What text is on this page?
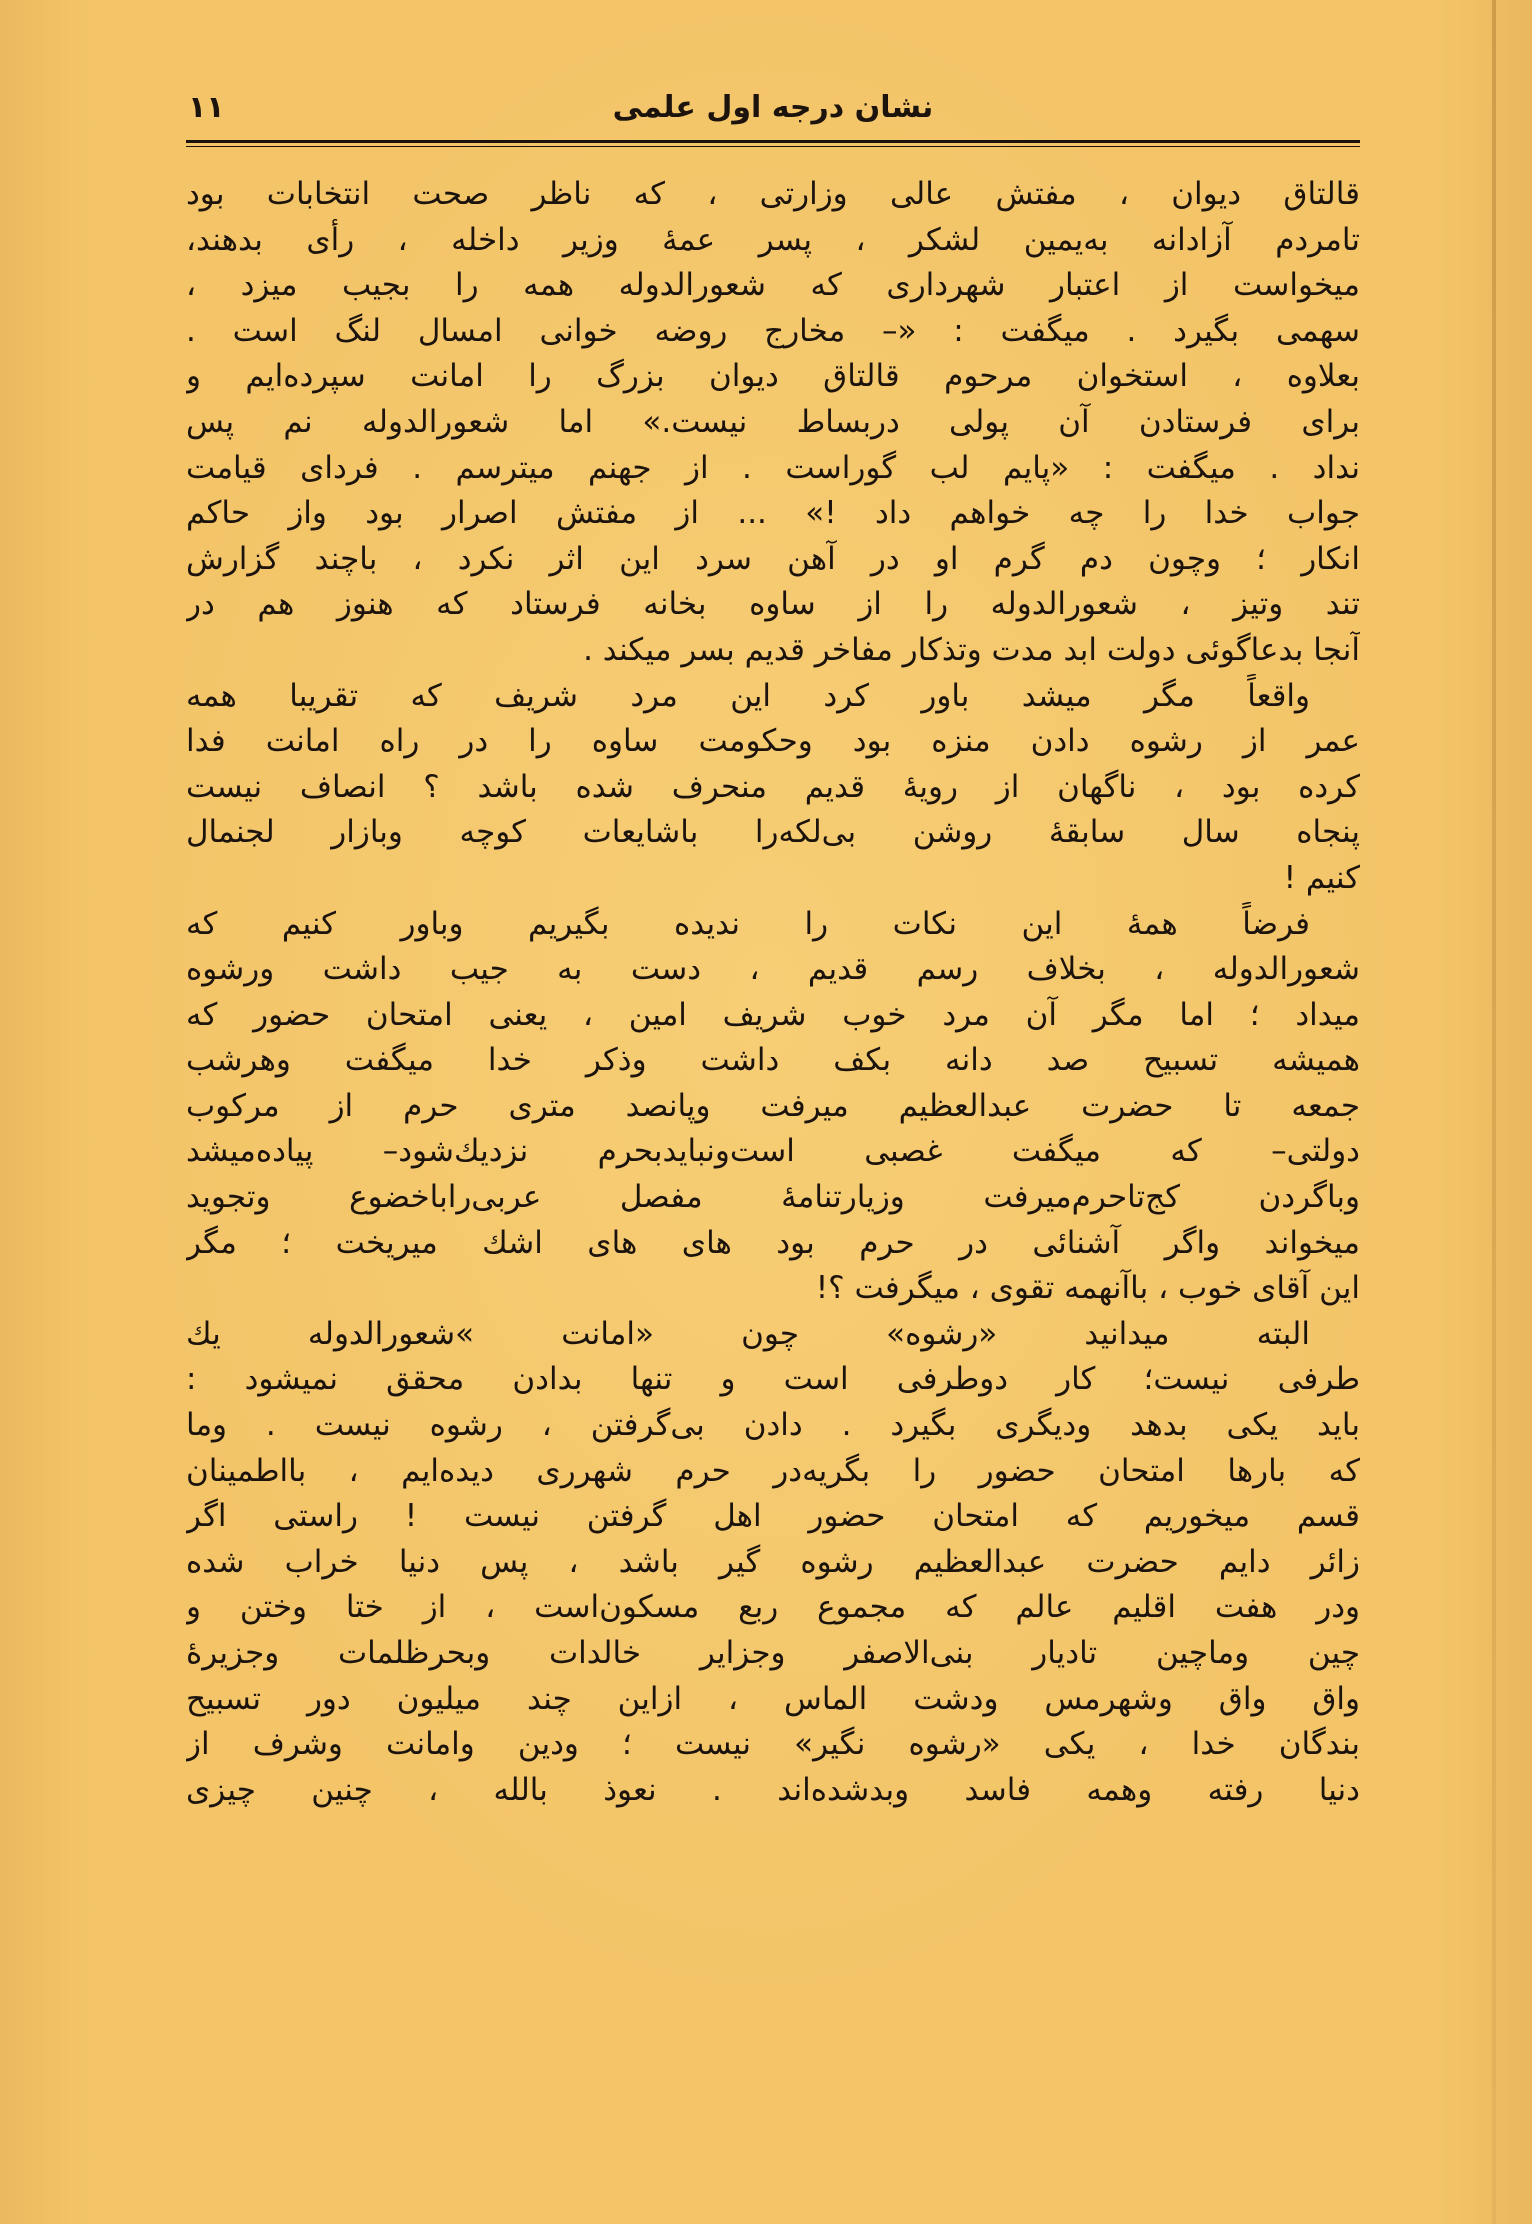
۱۱	نشان درجه اول علمی
قالتاق دیوان ، مفتش عالی وزارتی ، که ناظر صحت انتخابات بود
تامردم آزادانه به‌یمین لشکر ، پسر عمهٔ وزیر داخله ، رأی بدهند،
میخواست از اعتبار شهرداری که شعورالدوله همه را بجیب میزد ،
سهمی بگیرد . میگفت : «– مخارج روضه خوانی امسال لنگ است .
بعلاوه ، استخوان مرحوم قالتاق دیوان بزرگ را امانت سپرده‌ایم و
برای فرستادن آن پولی دربساط نیست.» اما شعورالدوله نم پس
نداد . میگفت : «پایم لب گوراست . از جهنم میترسم . فردای قیامت
جواب خدا را چه خواهم داد !» ... از مفتش اصرار بود واز حاکم
انکار ؛ وچون دم گرم او در آهن سرد این اثر نکرد ، باچند گزارش
تند وتیز ، شعورالدوله را از ساوه بخانه فرستاد که هنوز هم در
آنجا بدعاگوئی دولت ابد مدت وتذکار مفاخر قدیم بسر میکند .
واقعاً مگر میشد باور کرد این مرد شریف که تقریبا همه
عمر از رشوه دادن منزه بود وحکومت ساوه را در راه امانت فدا
کرده بود ، ناگهان از رویهٔ قدیم منحرف شده باشد ؟ انصاف نیست
پنجاه سال سابقهٔ روشن بی‌لکه‌را باشایعات کوچه وبازار لجنمال
کنیم !
فرضاً همهٔ این نکات را ندیده بگیریم وباور کنیم که
شعورالدوله ، بخلاف رسم قدیم ، دست به جیب داشت ورشوه
میداد ؛ اما مگر آن مرد خوب شریف امین ، یعنی امتحان حضور که
همیشه تسبیح صد دانه بکف داشت وذکر خدا میگفت وهرشب
جمعه تا حضرت عبدالعظیم میرفت وپانصد متری حرم از مرکوب
دولتی– که میگفت غصبی است‌ونبایدبحرم نزدیك‌شود– پیاده‌میشد
وباگردن کج‌تاحرم‌میرفت وزیارتنامهٔ مفصل عربی‌راباخضوع وتجوید
میخواند واگر آشنائی در حرم بود های های اشك میریخت ؛ مگر
این آقای خوب ، باآنهمه تقوی ، میگرفت ؟!
البته میدانید «رشوه» چون «امانت »شعورالدوله یك
طرفی نیست؛ کار دوطرفی است و تنها بدادن محقق نمیشود :
باید یکی بدهد ودیگری بگیرد . دادن بی‌گرفتن ، رشوه نیست . وما
که بارها امتحان حضور را بگریه‌در حرم شهرری دیده‌ایم ، بااطمینان
قسم میخوریم که امتحان حضور اهل گرفتن نیست ! راستی اگر
زائر دایم حضرت عبدالعظیم رشوه گیر باشد ، پس دنیا خراب شده
ودر هفت اقلیم عالم که مجموع ربع مسکون‌است ، از ختا وختن و
چین وماچین تادیار بنی‌الاصفر وجزایر خالدات وبحرظلمات وجزیرهٔ
واق واق وشهرمس ودشت الماس ، ازاین چند میلیون دور تسبیح
بندگان خدا ، یکی «رشوه نگیر» نیست ؛ ودین وامانت وشرف از
دنیا رفته وهمه فاسد وبدشده‌اند . نعوذ بالله ، چنین چیزی
